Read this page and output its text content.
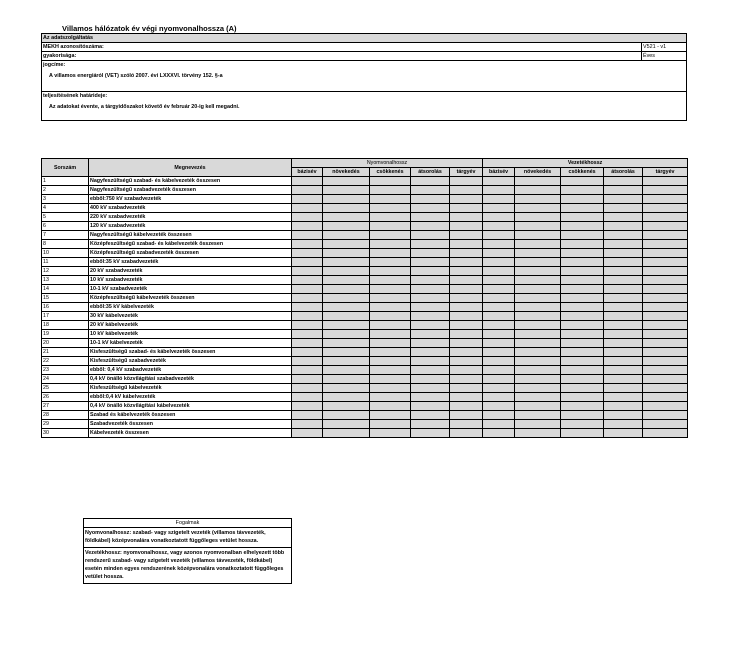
Villamos hálózatok év végi nyomvonalhossza (A)
Az adatszolgáltatás	
MEKH azonosítószáma:	V521 - v1
gyakorisága:	Éves
jogcíme:
A villamos energiáról (VET) szóló 2007. évi LXXXVI. törvény 152. §-a	

teljesítésének határideje:
Az adatokat évente, a tárgyidőszakot követő év február 20-ig kell megadni.	
Sorszám	Megnevezés	Nyomvonalhossz					Vezetékhossz				
		bázisév	növekedés	csökkenés	átsorolás	tárgyév	bázisév	növekedés	csökkenés	átsorolás	tárgyév
1	Nagyfeszültségű szabad- és kábelvezeték összesen										
2	Nagyfeszültségű szabadvezeték összesen										
3	ebből:750 kV szabadvezeték										
4	400 kV szabadvezeték										
5	220 kV szabadvezeték										
6	120 kV szabadvezeték										
7	Nagyfeszültségű kábelvezeték összesen										
8	Középfeszültségű szabad- és kábelvezeték összesen										
10	Középfeszültségű szabadvezeték összesen										
11	ebből:35 kV szabadvezeték										
12	20 kV szabadvezeték										
13	10 kV szabadvezeték										
14	10-1 kV szabadvezeték										
15	Középfeszültségű kábelvezeték összesen										
16	ebből:35 kV kábelvezeték										
17	30 kV kábelvezeték										
18	20 kV kábelvezeték										
19	10 kV kábelvezeték										
20	10-1 kV kábelvezeték										
21	Kisfeszültségű szabad- és kábelvezeték összesen										
22	Kisfeszültségű szabadvezeték										
23	ebből: 0,4 kV szabadvezeték										
24	0,4 kV önálló közvilágítási szabadvezeték										
25	Kisfeszültségű kábelvezeték										
26	ebből:0,4 kV kábelvezeték										
27	0,4 kV önálló közvilágítási kábelvezeték										
28	Szabad és kábelvezeték összesen										
29	Szabadvezeték összesen										
30	Kábelvezeték összesen										
Fogalmak
Nyomvonalhossz: szabad- vagy szigetelt vezeték (villamos távvezeték, földkábel) középvonalára vonatkoztatott függőleges vetület hossza.
Vezetékhossz: nyomvonalhossz, vagy azonos nyomvonalban elhelyezett több rendszerű szabad- vagy szigetelt vezeték (villamos távvezeték, földkábel) esetén minden egyes rendszerének középvonalára vonatkoztatott függőleges vetület hossza.
